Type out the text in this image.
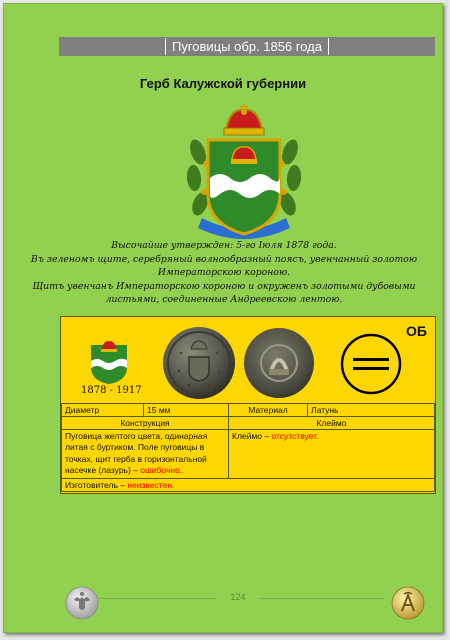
Пуговицы обр. 1856 года
Герб Калужской губернии
Высочайше утвержден: 5-го Іюля 1878 года.
Въ зеленомъ щите, серебряный волнообразный поясъ, увенчанный золотою
Императорскою короною.
Щитъ увенчанъ Императорскою короною и окруженъ золотыми дубовыми
листьями, соединенные Андреевскою лентою.
ОБ
1878 - 1917
Диаметр	15 мм	Материал	Латунь
Конструкция		Клеймо	
Пуговица желтого цвета, одинарная литая с буртиком. Поле пуговицы в точках, щит герба в горизонтальной насечке (лазурь) – ошибочно.		Клеймо – отсутствует.	
Изготовитель – неизвестен.			
124
